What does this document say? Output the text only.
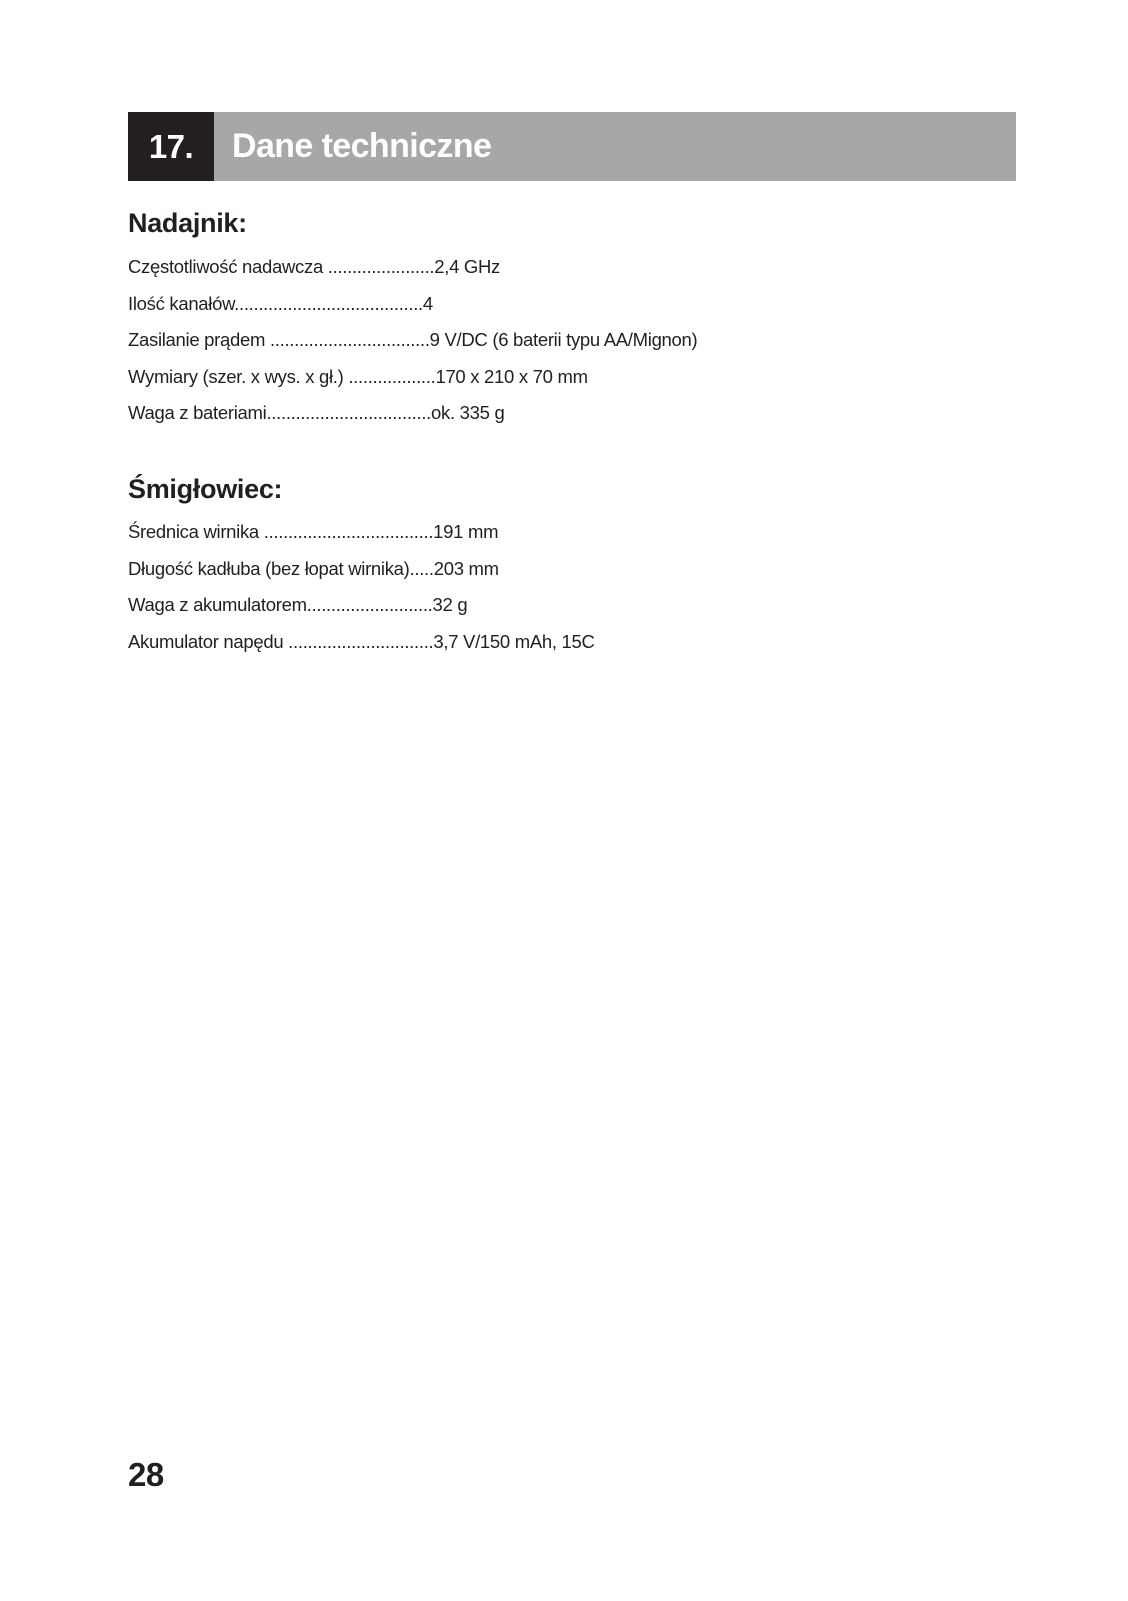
17.	Dane techniczne
Nadajnik:
Częstotliwość nadawcza ......................2,4 GHz
Ilość kanałów.......................................4
Zasilanie prądem .................................9 V/DC (6 baterii typu AA/Mignon)
Wymiary (szer. x wys. x gł.) ..................170 x 210 x 70 mm
Waga z bateriami..................................ok. 335 g
Śmigłowiec:
Średnica wirnika ...................................191 mm
Długość kadłuba (bez łopat wirnika).....203 mm
Waga z akumulatorem..........................32 g
Akumulator napędu ..............................3,7 V/150 mAh, 15C
28
